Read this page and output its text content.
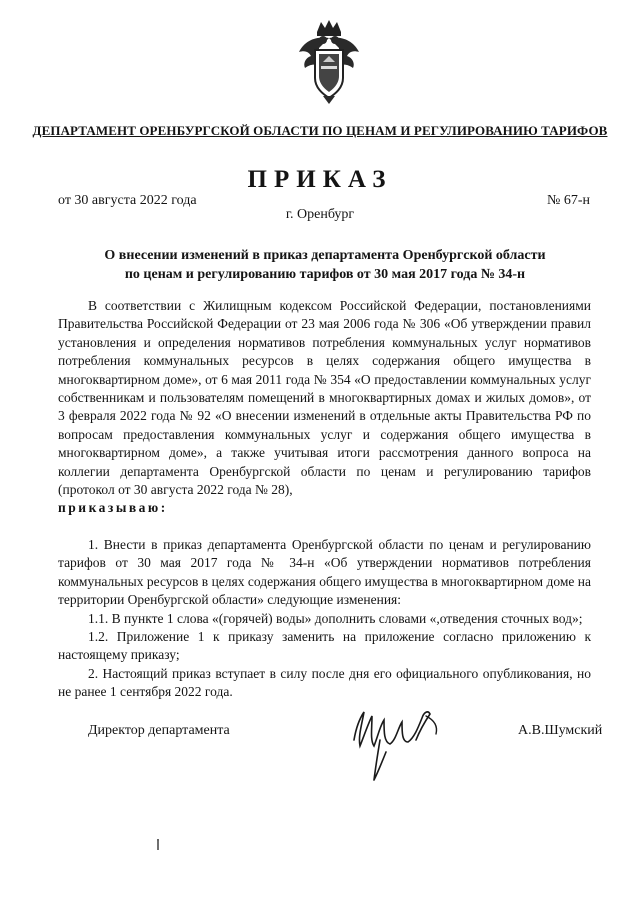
ДЕПАРТАМЕНТ ОРЕНБУРГСКОЙ ОБЛАСТИ ПО ЦЕНАМ И РЕГУЛИРОВАНИЮ ТАРИФОВ
ПРИКАЗ
от 30 августа 2022 года	№ 67-н
г. Оренбург
О внесении изменений в приказ департамента Оренбургской области
по ценам и регулированию тарифов от 30 мая 2017 года № 34-н

В соответствии с Жилищным кодексом Российской Федерации, постановлениями Правительства Российской Федерации от 23 мая 2006 года № 306 «Об утверждении правил установления и определения нормативов потребления коммунальных услуг нормативов потребления коммунальных ресурсов в целях содержания общего имущества в многоквартирном доме», от 6 мая 2011 года № 354 «О предоставлении коммунальных услуг собственникам и пользователям помещений в многоквартирных домах и жилых домов», от 3 февраля 2022 года № 92 «О внесении изменений в отдельные акты Правительства РФ по вопросам предоставления коммунальных услуг и содержания общего имущества в многоквартирном доме», а также учитывая итоги рассмотрения данного вопроса на коллегии департамента Оренбургской области по ценам и регулированию тарифов (протокол от 30 августа 2022 года № 28),

приказываю:

1. Внести в приказ департамента Оренбургской области по ценам и регулированию тарифов от 30 мая 2017 года № 34-н «Об утверждении нормативов потребления коммунальных ресурсов в целях содержания общего имущества в многоквартирном доме на территории Оренбургской области» следующие изменения:

1.1. В пункте 1 слова «(горячей) воды» дополнить словами «,отведения сточных вод»;

1.2. Приложение 1 к приказу заменить на приложение согласно приложению к настоящему приказу;

2. Настоящий приказ вступает в силу после дня его официального опубликования, но не ранее 1 сентября 2022 года.

Директор департамента	А.В.Шумский
